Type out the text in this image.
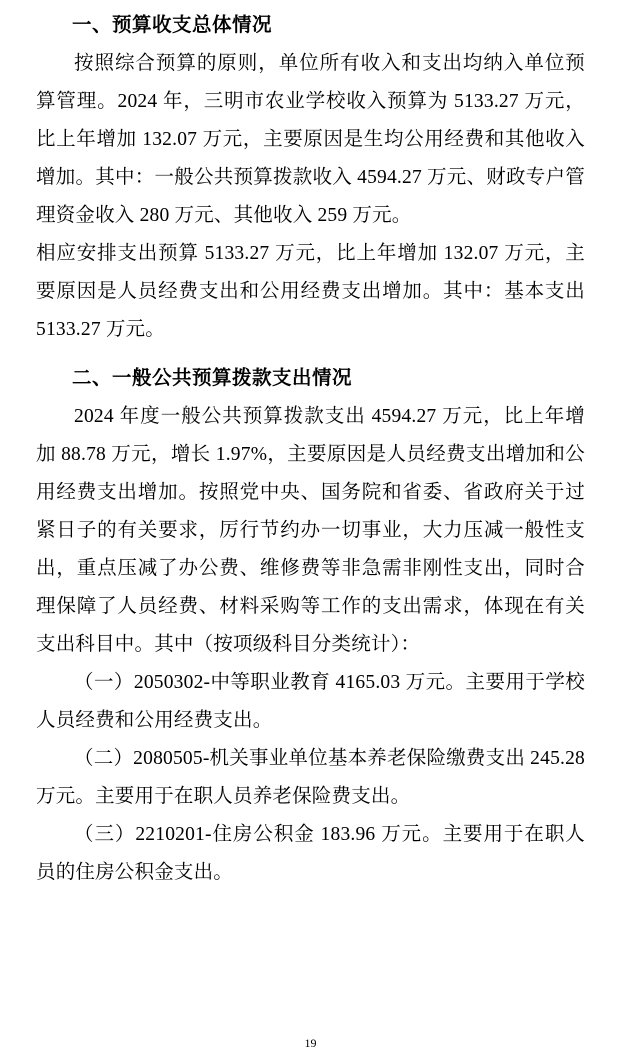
一、预算收支总体情况

按照综合预算的原则，单位所有收入和支出均纳入单位预算管理。2024 年，三明市农业学校收入预算为 5133.27 万元，比上年增加 132.07 万元，主要原因是生均公用经费和其他收入增加。其中：一般公共预算拨款收入 4594.27 万元、财政专户管理资金收入 280 万元、其他收入 259 万元。

相应安排支出预算 5133.27 万元，比上年增加 132.07 万元，主要原因是人员经费支出和公用经费支出增加。其中：基本支出 5133.27 万元。

二、一般公共预算拨款支出情况

2024 年度一般公共预算拨款支出 4594.27 万元，比上年增加 88.78 万元，增长 1.97%，主要原因是人员经费支出增加和公用经费支出增加。按照党中央、国务院和省委、省政府关于过紧日子的有关要求，厉行节约办一切事业，大力压减一般性支出，重点压减了办公费、维修费等非急需非刚性支出，同时合理保障了人员经费、材料采购等工作的支出需求，体现在有关支出科目中。其中（按项级科目分类统计）：

（一）2050302-中等职业教育 4165.03 万元。主要用于学校人员经费和公用经费支出。

（二）2080505-机关事业单位基本养老保险缴费支出 245.28 万元。主要用于在职人员养老保险费支出。

（三）2210201-住房公积金 183.96 万元。主要用于在职人员的住房公积金支出。

19
